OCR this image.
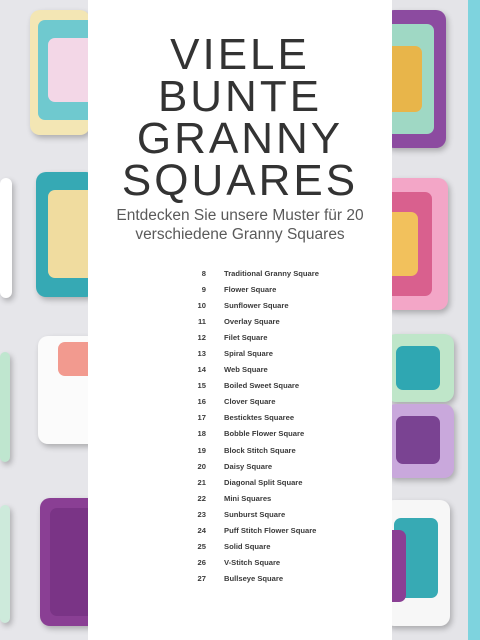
VIELE
BUNTE
GRANNY
SQUARES
Entdecken Sie unsere Muster für 20
verschiedene Granny Squares
8 Traditional Granny Square
9 Flower Square
10 Sunflower Square
11 Overlay Square
12 Filet Square
13 Spiral Square
14 Web Square
15 Boiled Sweet Square
16 Clover Square
17 Besticktes Squaree
18 Bobble Flower Square
19 Block Stitch Square
20 Daisy Square
21 Diagonal Split Square
22 Mini Squares
23 Sunburst Square
24 Puff Stitch Flower Square
25 Solid Square
26 V-Stitch Square
27 Bullseye Square
